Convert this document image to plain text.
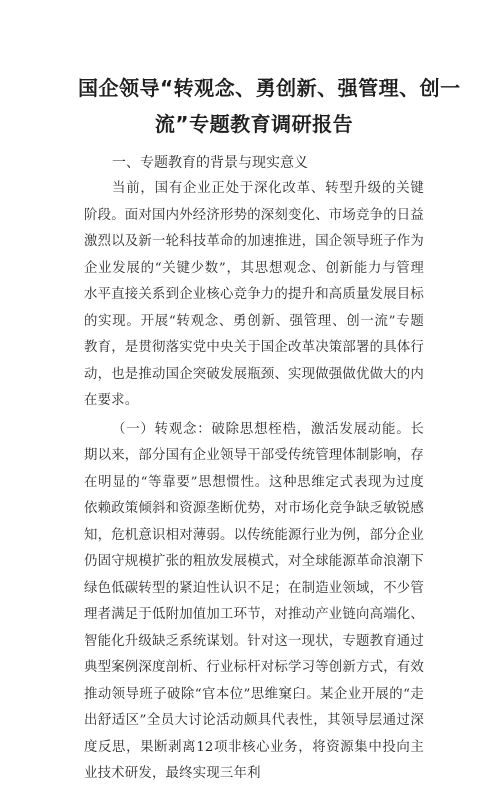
国企领导“转观念、勇创新、强管理、创一
流”专题教育调研报告

一、专题教育的背景与现实意义

当前，国有企业正处于深化改革、转型升级的关键阶段。面对国内外经济形势的深刻变化、市场竞争的日益激烈以及新一轮科技革命的加速推进，国企领导班子作为企业发展的“关键少数”，其思想观念、创新能力与管理水平直接关系到企业核心竞争力的提升和高质量发展目标的实现。开展“转观念、勇创新、强管理、创一流”专题教育，是贯彻落实党中央关于国企改革决策部署的具体行动，也是推动国企突破发展瓶颈、实现做强做优做大的内在要求。

（一）转观念：破除思想桎梏，激活发展动能。长期以来，部分国有企业领导干部受传统管理体制影响，存在明显的“等靠要”思想惯性。这种思维定式表现为过度依赖政策倾斜和资源垄断优势，对市场化竞争缺乏敏锐感知，危机意识相对薄弱。以传统能源行业为例，部分企业仍固守规模扩张的粗放发展模式，对全球能源革命浪潮下绿色低碳转型的紧迫性认识不足；在制造业领域，不少管理者满足于低附加值加工环节，对推动产业链向高端化、智能化升级缺乏系统谋划。针对这一现状，专题教育通过典型案例深度剖析、行业标杆对标学习等创新方式，有效推动领导班子破除“官本位”思维窠臼。某企业开展的“走出舒适区”全员大讨论活动颇具代表性，其领导层通过深度反思，果断剥离12项非核心业务，将资源集中投向主业技术研发，最终实现三年利
